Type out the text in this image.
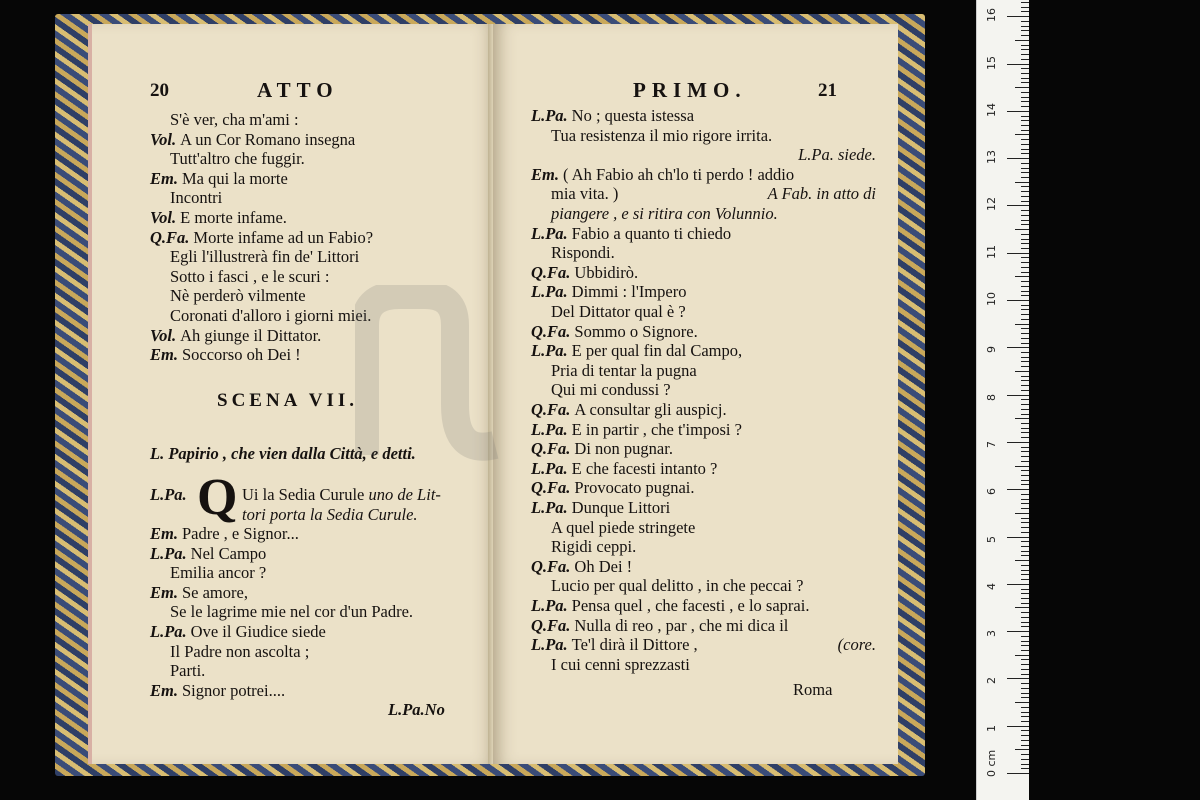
20	ATTO
S'è ver, cha m'ami :
Vol. A un Cor Romano insegna
Tutt'altro che fuggir.
Em. Ma qui la morte
Incontri
Vol. E morte infame.
Q.Fa. Morte infame ad un Fabio?
Egli l'illustrerà fin de' Littori
Sotto i fasci , e le scuri :
Nè perderò vilmente
Coronati d'alloro i giorni miei.
Vol. Ah giunge il Dittator.
Em. Soccorso oh Dei !
SCENA VII.
L. Papirio , che vien dalla Città, e detti.
L.Pa. Q Ui la Sedia Curule uno de Lit-
tori porta la Sedia Curule.
Em. Padre , e Signor...
L.Pa. Nel Campo
Emilia ancor ?
Em. Se amore,
Se le lagrime mie nel cor d'un Padre.
L.Pa. Ove il Giudice siede
Il Padre non ascolta ;
Parti.
Em. Signor potrei....
L.Pa.No
PRIMO.	21
L.Pa. No ; questa istessa
Tua resistenza il mio rigore irrita.
L.Pa. siede.
Em. ( Ah Fabio ah ch'lo ti perdo ! addio
mia vita. )	A Fab. in atto di
piangere , e si ritira con Volunnio.
L.Pa. Fabio a quanto ti chiedo
Rispondi.
Q.Fa. Ubbidirò.
L.Pa. Dimmi : l'Impero
Del Dittator qual è ?
Q.Fa. Sommo o Signore.
L.Pa. E per qual fin dal Campo,
Pria di tentar la pugna
Qui mi condussi ?
Q.Fa. A consultar gli auspicj.
L.Pa. E in partir , che t'imposi ?
Q.Fa. Di non pugnar.
L.Pa. E che facesti intanto ?
Q.Fa. Provocato pugnai.
L.Pa. Dunque Littori
A quel piede stringete
Rigidi ceppi.
Q.Fa. Oh Dei !
Lucio per qual delitto , in che peccai ?
L.Pa. Pensa quel , che facesti , e lo saprai.
Q.Fa. Nulla di reo , par , che mi dica il
L.Pa. Te'l dirà il Dittore ,	(core.
I cui cenni sprezzasti
Roma
0 cm
1
2
3
4
5
6
7
8
9
10
11
12
13
14
15
16
